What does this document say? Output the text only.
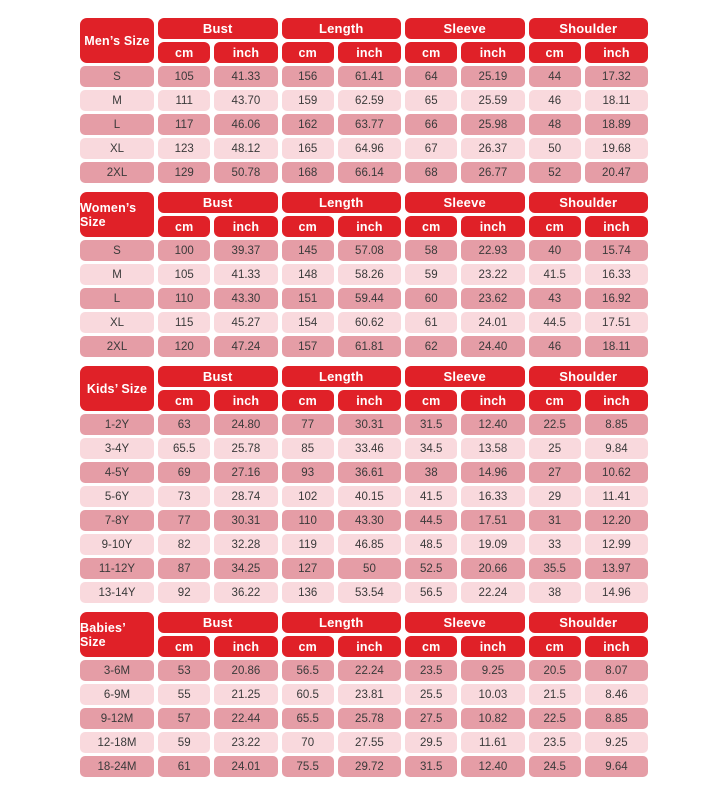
Men’s Size
Bust	Length	Sleeve	Shoulder
cm	inch	cm	inch	cm	inch	cm	inch
S	105	41.33	156	61.41	64	25.19	44	17.32
M	111	43.70	159	62.59	65	25.59	46	18.11
L	117	46.06	162	63.77	66	25.98	48	18.89
XL	123	48.12	165	64.96	67	26.37	50	19.68
2XL	129	50.78	168	66.14	68	26.77	52	20.47
Women’s Size
Bust	Length	Sleeve	Shoulder
cm	inch	cm	inch	cm	inch	cm	inch
S	100	39.37	145	57.08	58	22.93	40	15.74
M	105	41.33	148	58.26	59	23.22	41.5	16.33
L	110	43.30	151	59.44	60	23.62	43	16.92
XL	115	45.27	154	60.62	61	24.01	44.5	17.51
2XL	120	47.24	157	61.81	62	24.40	46	18.11
Kids’ Size
Bust	Length	Sleeve	Shoulder
cm	inch	cm	inch	cm	inch	cm	inch
1-2Y	63	24.80	77	30.31	31.5	12.40	22.5	8.85
3-4Y	65.5	25.78	85	33.46	34.5	13.58	25	9.84
4-5Y	69	27.16	93	36.61	38	14.96	27	10.62
5-6Y	73	28.74	102	40.15	41.5	16.33	29	11.41
7-8Y	77	30.31	110	43.30	44.5	17.51	31	12.20
9-10Y	82	32.28	119	46.85	48.5	19.09	33	12.99
11-12Y	87	34.25	127	50	52.5	20.66	35.5	13.97
13-14Y	92	36.22	136	53.54	56.5	22.24	38	14.96
Babies’ Size
Bust	Length	Sleeve	Shoulder
cm	inch	cm	inch	cm	inch	cm	inch
3-6M	53	20.86	56.5	22.24	23.5	9.25	20.5	8.07
6-9M	55	21.25	60.5	23.81	25.5	10.03	21.5	8.46
9-12M	57	22.44	65.5	25.78	27.5	10.82	22.5	8.85
12-18M	59	23.22	70	27.55	29.5	11.61	23.5	9.25
18-24M	61	24.01	75.5	29.72	31.5	12.40	24.5	9.64
